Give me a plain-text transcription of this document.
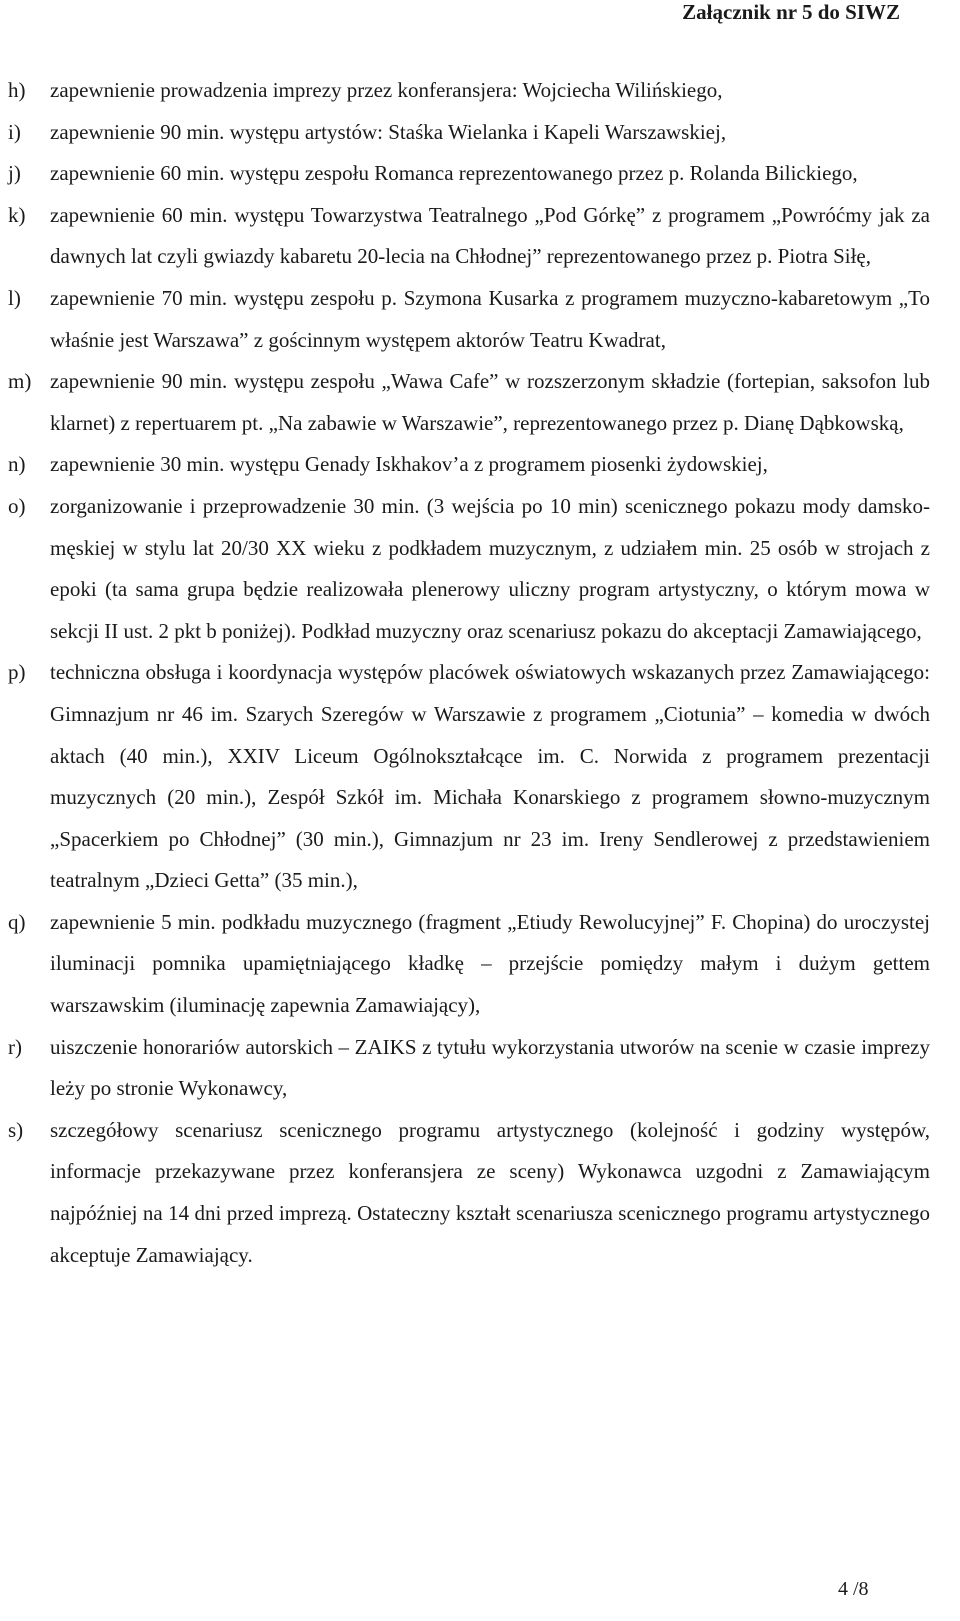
Załącznik nr 5 do SIWZ
h)	zapewnienie prowadzenia imprezy przez konferansjera: Wojciecha Wilińskiego,
i)	zapewnienie 90 min. występu artystów: Staśka Wielanka i Kapeli Warszawskiej,
j)	zapewnienie 60 min. występu zespołu Romanca reprezentowanego przez p. Rolanda Bilickiego,
k)	zapewnienie 60 min. występu Towarzystwa Teatralnego „Pod Górkę” z programem „Powróćmy jak za dawnych lat czyli gwiazdy kabaretu 20-lecia na Chłodnej” reprezentowanego przez p. Piotra Siłę,
l)	zapewnienie 70 min. występu zespołu p. Szymona Kusarka z programem muzyczno-kabaretowym „To właśnie jest Warszawa” z gościnnym występem aktorów Teatru Kwadrat,
m) zapewnienie 90 min. występu zespołu „Wawa Cafe” w rozszerzonym składzie (fortepian, saksofon lub klarnet) z repertuarem pt. „Na zabawie w Warszawie”, reprezentowanego przez p. Dianę Dąbkowską,
n)	zapewnienie 30 min. występu Genady Iskhakov’a z programem piosenki żydowskiej,
o)	zorganizowanie i przeprowadzenie 30 min. (3 wejścia po 10 min) scenicznego pokazu mody damsko-męskiej w stylu lat 20/30 XX wieku z podkładem muzycznym, z udziałem min. 25 osób w strojach z epoki (ta sama grupa będzie realizowała plenerowy uliczny program artystyczny, o którym mowa w sekcji II ust. 2 pkt b poniżej). Podkład muzyczny oraz scenariusz pokazu do akceptacji Zamawiającego,
p)	techniczna obsługa i koordynacja występów placówek oświatowych wskazanych przez Zamawiającego: Gimnazjum nr 46 im. Szarych Szeregów w Warszawie z programem „Ciotunia” – komedia w dwóch aktach (40 min.), XXIV Liceum Ogólnokształcące im. C. Norwida z programem prezentacji muzycznych (20 min.), Zespół Szkół im. Michała Konarskiego z programem słowno-muzycznym „Spacerkiem po Chłodnej” (30 min.), Gimnazjum nr 23 im. Ireny Sendlerowej z przedstawieniem teatralnym „Dzieci Getta” (35 min.),
q)	zapewnienie 5 min. podkładu muzycznego (fragment „Etiudy Rewolucyjnej” F. Chopina) do uroczystej iluminacji pomnika upamiętniającego kładkę – przejście pomiędzy małym i dużym gettem warszawskim (iluminację zapewnia Zamawiający),
r)	uiszczenie honorariów autorskich – ZAIKS z tytułu wykorzystania utworów na scenie w czasie imprezy leży po stronie Wykonawcy,
s)	szczegółowy scenariusz scenicznego programu artystycznego (kolejność i godziny występów, informacje przekazywane przez konferansjera ze sceny) Wykonawca uzgodni z Zamawiającym najpóźniej na 14 dni przed imprezą. Ostateczny kształt scenariusza scenicznego programu artystycznego akceptuje Zamawiający.
4 /8
